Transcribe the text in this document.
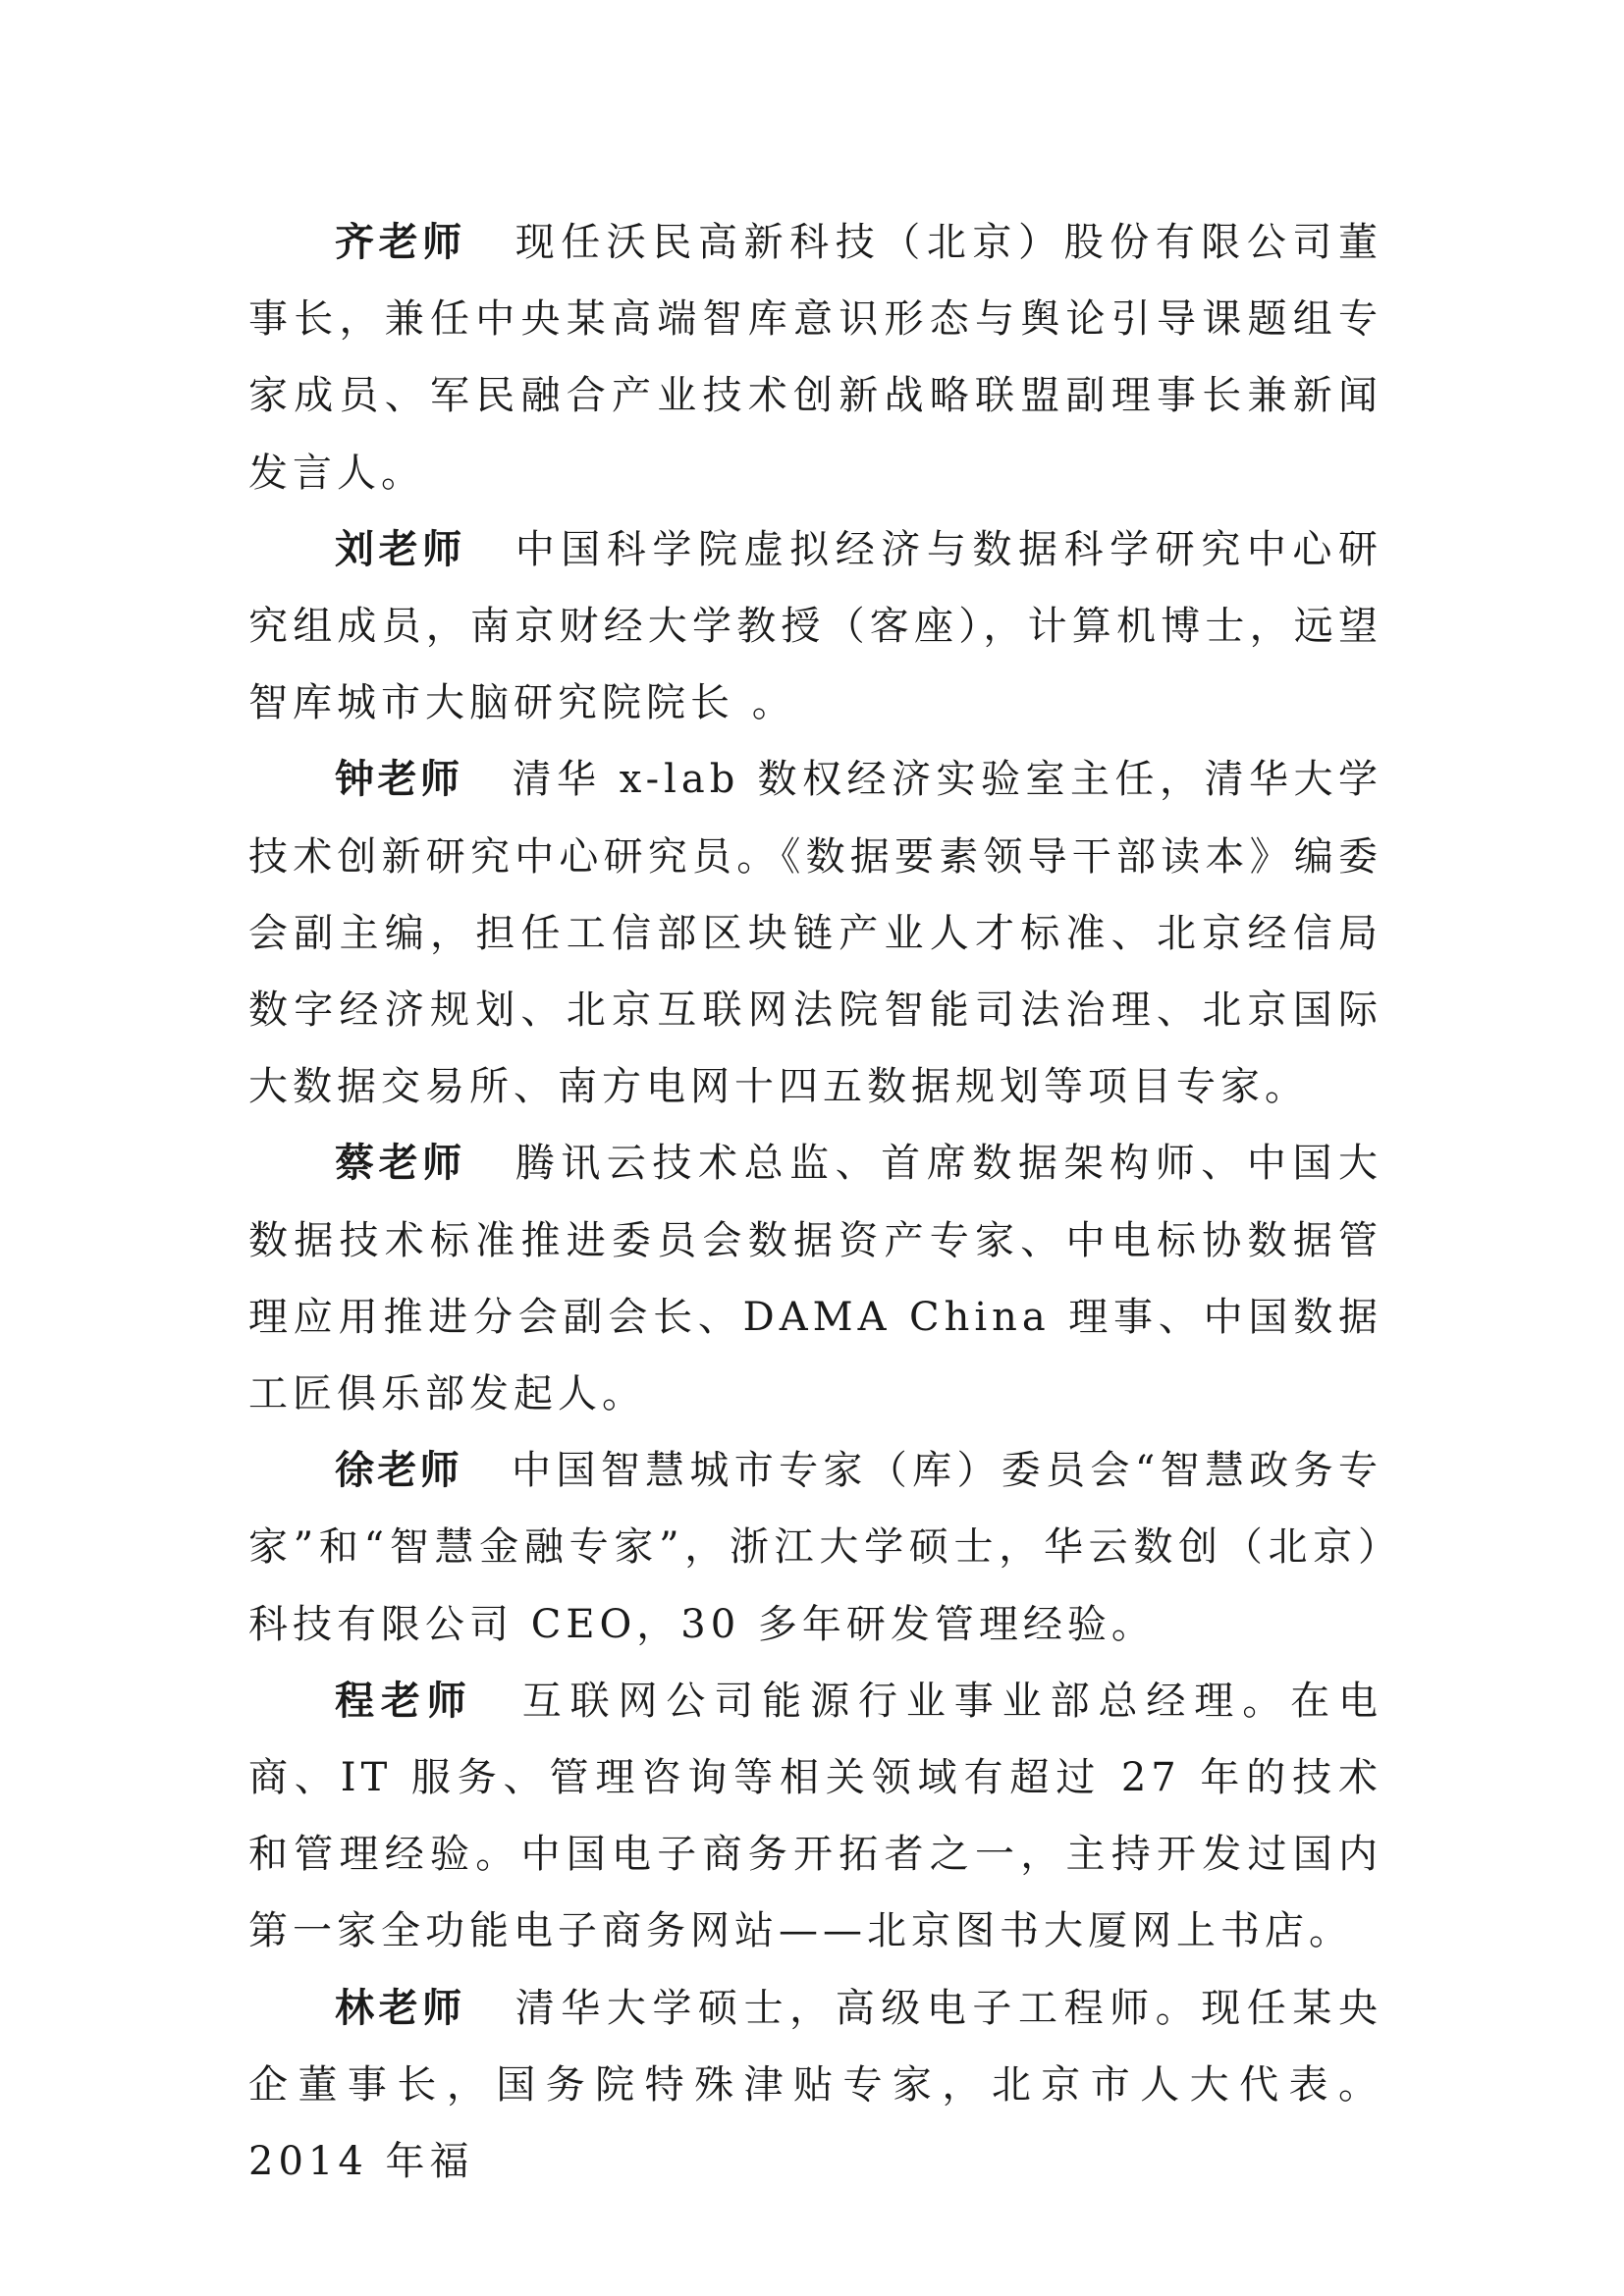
齐老师 现任沃民高新科技（北京）股份有限公司董事长，兼任中央某高端智库意识形态与舆论引导课题组专家成员、军民融合产业技术创新战略联盟副理事长兼新闻发言人。

刘老师 中国科学院虚拟经济与数据科学研究中心研究组成员，南京财经大学教授（客座），计算机博士，远望智库城市大脑研究院院长 。

钟老师 清华 x-lab 数权经济实验室主任，清华大学技术创新研究中心研究员。《数据要素领导干部读本》编委会副主编，担任工信部区块链产业人才标准、北京经信局数字经济规划、北京互联网法院智能司法治理、北京国际大数据交易所、南方电网十四五数据规划等项目专家。

蔡老师 腾讯云技术总监、首席数据架构师、中国大数据技术标准推进委员会数据资产专家、中电标协数据管理应用推进分会副会长、DAMA China 理事、中国数据工匠俱乐部发起人。

徐老师 中国智慧城市专家（库）委员会“智慧政务专家”和“智慧金融专家”，浙江大学硕士，华云数创（北京）科技有限公司 CEO，30 多年研发管理经验。

程老师 互联网公司能源行业事业部总经理。在电商、IT 服务、管理咨询等相关领域有超过 27 年的技术和管理经验。中国电子商务开拓者之一，主持开发过国内第一家全功能电子商务网站——北京图书大厦网上书店。

林老师 清华大学硕士，高级电子工程师。现任某央企董事长，国务院特殊津贴专家，北京市人大代表。2014 年福
